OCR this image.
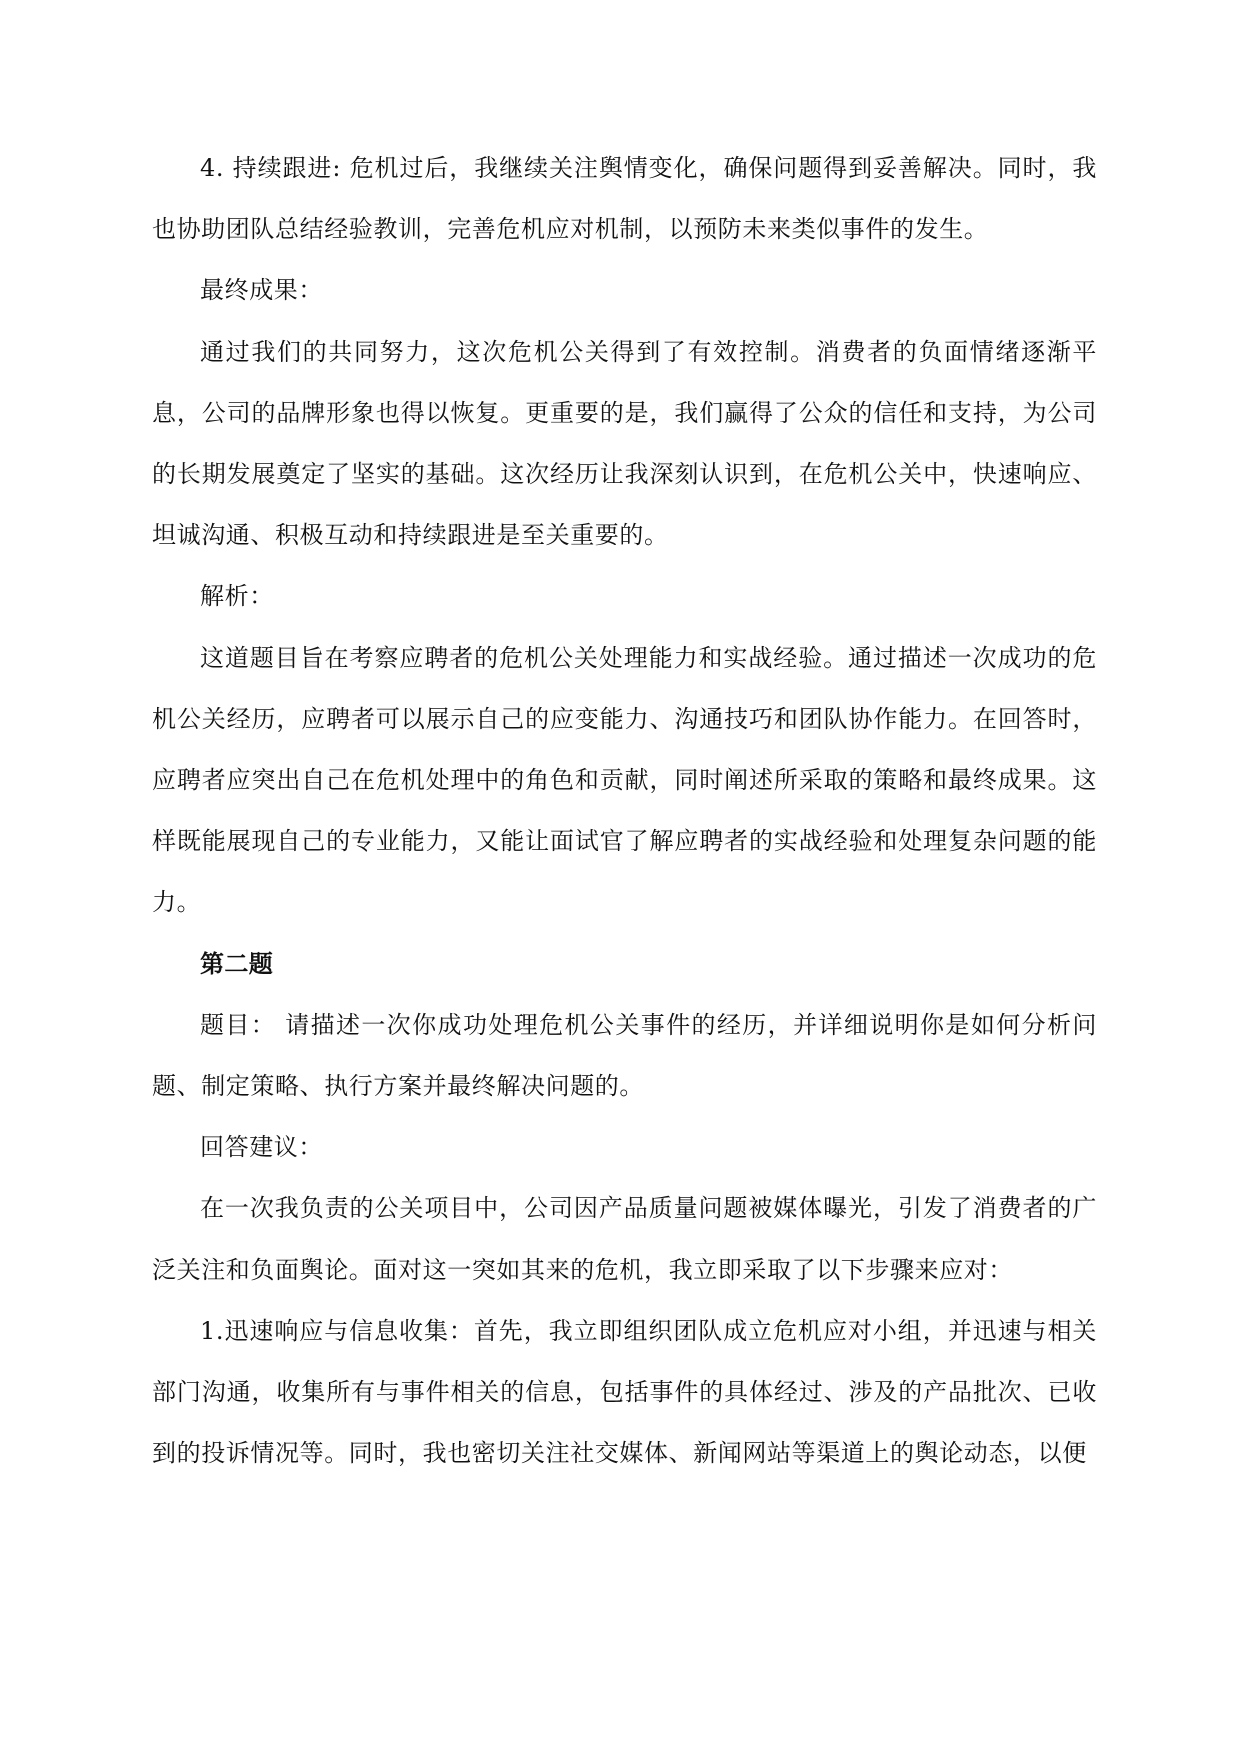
4. 持续跟进: 危机过后，我继续关注舆情变化，确保问题得到妥善解决。同时，我也协助团队总结经验教训，完善危机应对机制，以预防未来类似事件的发生。

最终成果：

通过我们的共同努力，这次危机公关得到了有效控制。消费者的负面情绪逐渐平息，公司的品牌形象也得以恢复。更重要的是，我们赢得了公众的信任和支持，为公司的长期发展奠定了坚实的基础。这次经历让我深刻认识到，在危机公关中，快速响应、坦诚沟通、积极互动和持续跟进是至关重要的。

解析：

这道题目旨在考察应聘者的危机公关处理能力和实战经验。通过描述一次成功的危机公关经历，应聘者可以展示自己的应变能力、沟通技巧和团队协作能力。在回答时，应聘者应突出自己在危机处理中的角色和贡献，同时阐述所采取的策略和最终成果。这样既能展现自己的专业能力，又能让面试官了解应聘者的实战经验和处理复杂问题的能力。

第二题

题目： 请描述一次你成功处理危机公关事件的经历，并详细说明你是如何分析问题、制定策略、执行方案并最终解决问题的。

回答建议：

在一次我负责的公关项目中，公司因产品质量问题被媒体曝光，引发了消费者的广泛关注和负面舆论。面对这一突如其来的危机，我立即采取了以下步骤来应对：

1.迅速响应与信息收集：首先，我立即组织团队成立危机应对小组，并迅速与相关部门沟通，收集所有与事件相关的信息，包括事件的具体经过、涉及的产品批次、已收到的投诉情况等。同时，我也密切关注社交媒体、新闻网站等渠道上的舆论动态，以便
